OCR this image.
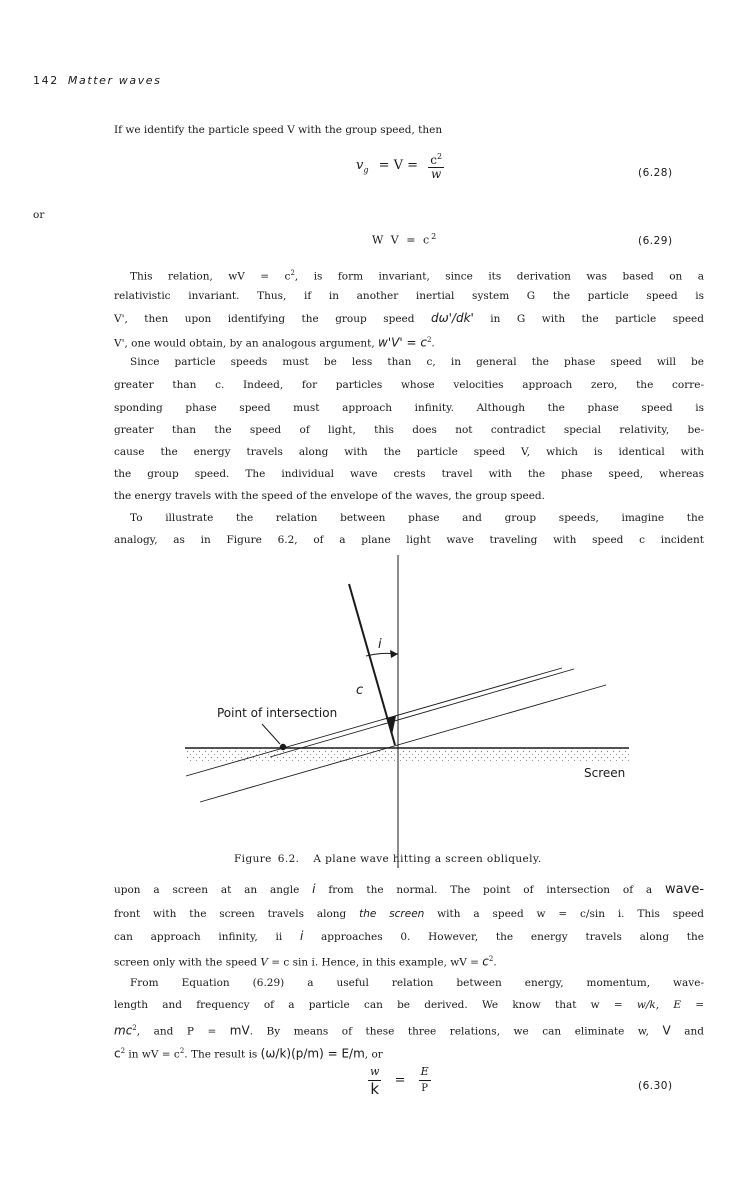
142 Matter waves
If we identify the particle speed V with the group speed, then
$v_g = V = \frac{c^2}{w}$	(6.28)
or
W $V = c^2$	(6.29)
This relation, wV = $c^2$, is form invariant, since its derivation was based on a
relativistic invariant. Thus, if in another inertial system G the particle speed is
V', then upon identifying the group speed dω'/dk' in G with the particle speed
V', one would obtain, by an analogous argument, $w'V' = c^2$.
Since particle speeds must be less than c, in general the phase speed will be
greater than c. Indeed, for particles whose velocities approach zero, the corre-
sponding phase speed must approach infinity. Although the phase speed is
greater than the speed of light, this does not contradict special relativity, be-
cause the energy travels along with the particle speed V, which is identical with
the group speed. The individual wave crests travel with the phase speed, whereas
the energy travels with the speed of the envelope of the waves, the group speed.
To illustrate the relation between phase and group speeds, imagine the
analogy, as in Figure 6.2, of a plane light wave traveling with speed c incident
i
c
Point of intersection
Screen
Figure 6.2. A plane wave hitting a screen obliquely.
upon a screen at an angle i from the normal. The point of intersection of a wave-
front with the screen travels along the screen with a speed w = c/sin i. This speed
can approach infinity, ii i approaches 0. However, the energy travels along the
screen only with the speed V = c sin i. Hence, in this example, wV = $c^2$.
From Equation (6.29) a useful relation between energy, momentum, wave-
length and frequency of a particle can be derived. We know that w = w/k, E =
$mc^2$, and P = mV. By means of these three relations, we can eliminate w, V and
$c^2$ in wV = $c^2$. The result is (ω/k)(p/m) = E/m, or
w
$k = \frac{E}{P}$	(6.30)
